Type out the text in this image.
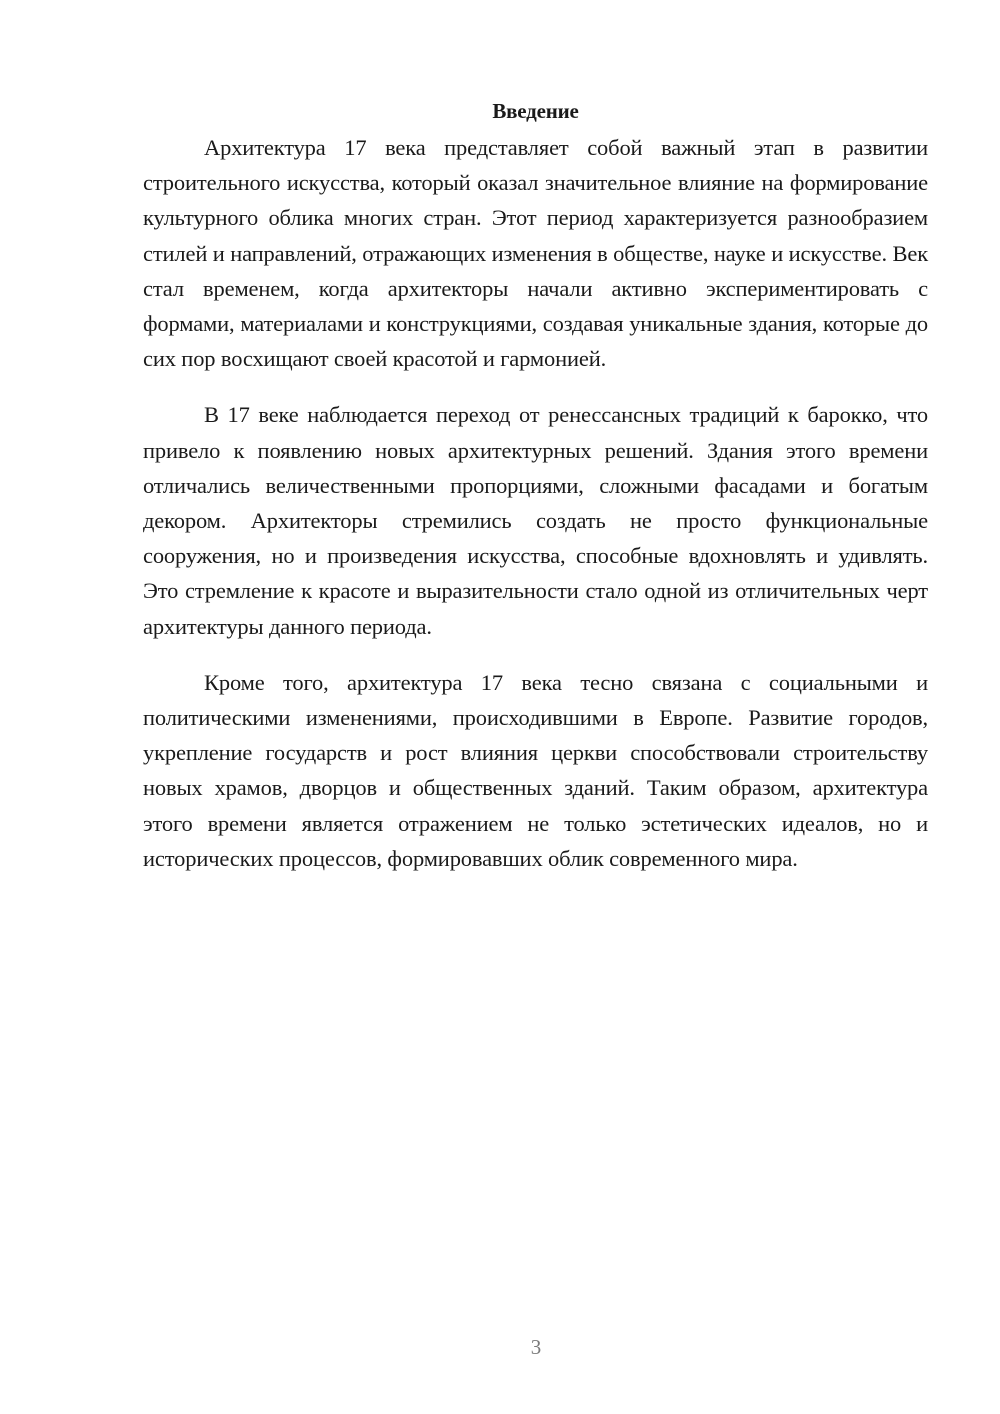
Введение

Архитектура 17 века представляет собой важный этап в развитии строительного искусства, который оказал значительное влияние на формирование культурного облика многих стран. Этот период характеризуется разнообразием стилей и направлений, отражающих изменения в обществе, науке и искусстве. Век стал временем, когда архитекторы начали активно экспериментировать с формами, материалами и конструкциями, создавая уникальные здания, которые до сих пор восхищают своей красотой и гармонией.

В 17 веке наблюдается переход от ренессансных традиций к барокко, что привело к появлению новых архитектурных решений. Здания этого времени отличались величественными пропорциями, сложными фасадами и богатым декором. Архитекторы стремились создать не просто функциональные сооружения, но и произведения искусства, способные вдохновлять и удивлять. Это стремление к красоте и выразительности стало одной из отличительных черт архитектуры данного периода.

Кроме того, архитектура 17 века тесно связана с социальными и политическими изменениями, происходившими в Европе. Развитие городов, укрепление государств и рост влияния церкви способствовали строительству новых храмов, дворцов и общественных зданий. Таким образом, архитектура этого времени является отражением не только эстетических идеалов, но и исторических процессов, формировавших облик современного мира.

3
